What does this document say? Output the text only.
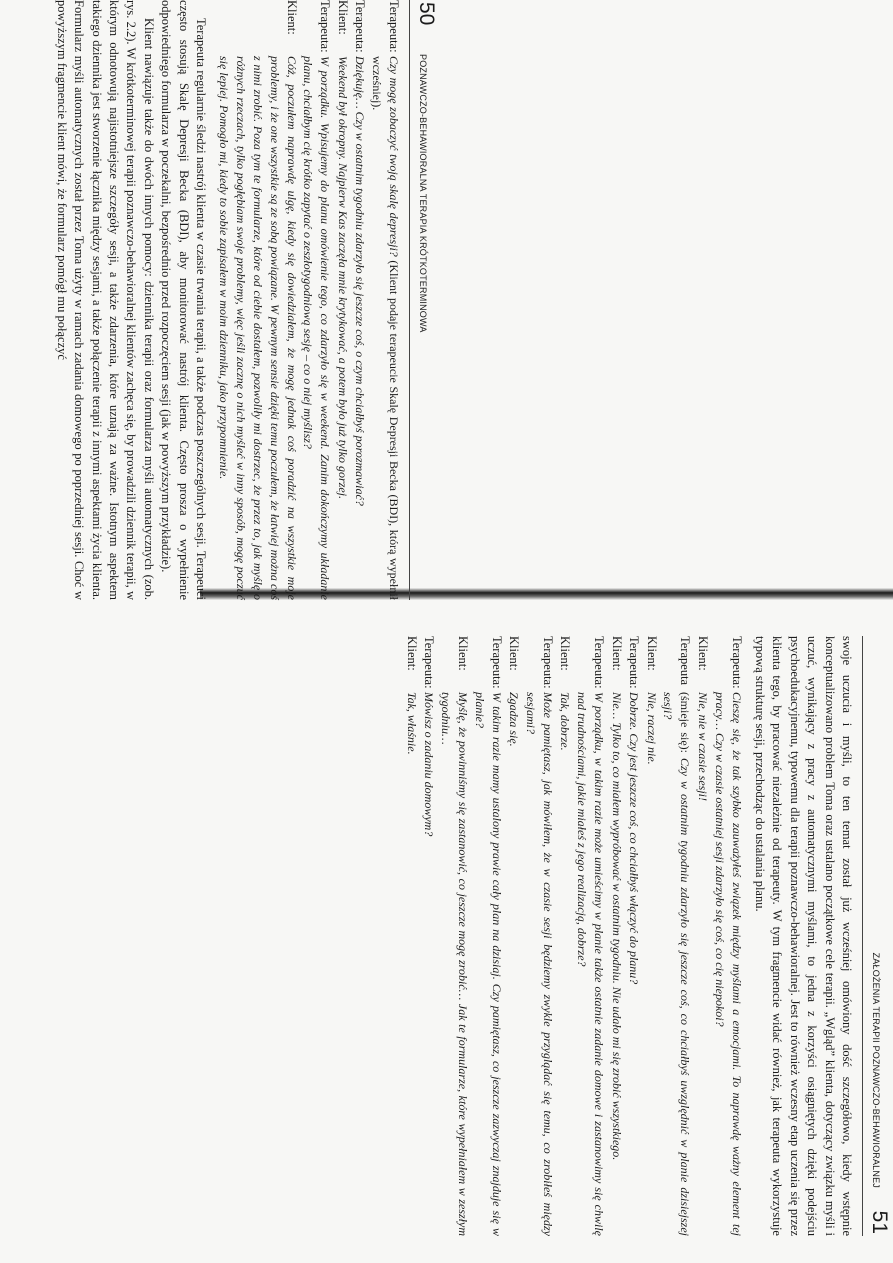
50
POZNAWCZO-BEHAWIORALNA TERAPIA KRÓTKOTERMINOWA
Terapeuta:
Czy mogę zobaczyć twoją skalę depresji? (Klient podaje terapeucie Skalę Depresji Becka (BDI), którą wypełnił wcześniej).
Terapeuta:
Dziękuję… Czy w ostatnim tygodniu zdarzyło się jeszcze coś, o czym chciałbyś porozmawiać?
Klient:
Weekend był okropny. Najpierw Kas zaczęła mnie krytykować, a potem było już tylko gorzej.
Terapeuta:
W porządku. Wpisujemy do planu omówienie tego, co zdarzyło się w weekend. Zanim dokończymy układanie planu, chciałbym cię krótko zapytać o zeszłotygodniową sesję – co o niej myślisz?
Klient:
Cóż, poczułem naprawdę ulgę, kiedy się dowiedziałem, że mogę jednak coś poradzić na wszystkie moje problemy, i że one wszystkie są ze sobą powiązane. W pewnym sensie dzięki temu poczułem, że łatwiej można coś z nimi zrobić. Poza tym te formularze, które od ciebie dostałem, pozwoliły mi dostrzec, że przez to, jak myślę o różnych rzeczach, tylko pogłębiam swoje problemy, więc jeśli zacznę o nich myśleć w inny sposób, mogę poczuć się lepiej. Pomogło mi, kiedy to sobie zapisałem w moim dzienniku, jako przypomnienie.

Terapeuta regularnie śledzi nastrój klienta w czasie trwania terapii, a także podczas poszczególnych sesji. Terapeuci często stosują Skalę Depresji Becka (BDI), aby monitorować nastrój klienta. Często prosza o wypełnienie odpowiedniego formularza w poczekalni, bezpośrednio przed rozpoczęciem sesji (jak w powyższym przykładzie).

Klient nawiązuje także do dwóch innych pomocy: dziennika terapii oraz formularza myśli automatycznych (zob. rys. 2.2). W krótkoterminowej terapii poznawczo-behawioralnej klientów zachęca się, by prowadzili dziennik terapii, w którym odnotowują najistotniejsze szczegóły sesji, a także zdarzenia, które uznają za ważne. Istotnym aspektem takiego dziennika jest stworzenie łącznika między sesjami, a także połączenie terapii z innymi aspektami życia klienta. Formularz myśli automatycznych został przez Toma użyty w ramach zadania domowego po poprzedniej sesji. Choć w powyższym fragmencie klient mówi, że formularz pomógł mu połączyć

ZAŁOŻENIA TERAPII POZNAWCZO-BEHAWIORALNEJ
51

swoje uczucia i myśli, to ten temat został już wcześniej omówiony dość szczegółowo, kiedy wstępnie konceptualizowano problem Toma oraz ustalano początkowe cele terapii. „Wgląd” klienta, dotyczący związku myśli i uczuć, wynikający z pracy z automatycznymi myślami, to jedna z korzyści osiągniętych dzięki podejściu psychoedukacyjnemu, typowemu dla terapii poznawczo-behawioralnej. Jest to również wczesny etap uczenia się przez klienta tego, by pracować niezależnie od terapeuty. W tym fragmencie widać również, jak terapeuta wykorzystuje typową strukturę sesji, przechodząc do ustalania planu.

Terapeuta:
Cieszę się, że tak szybko zauważyłeś związek między myślami a emocjami. To naprawdę ważny element tej pracy… Czy w czasie ostatniej sesji zdarzyło się coś, co cię niepokoi?
Klient:
Nie, nie w czasie sesji!
Terapeuta
(śmieje się): Czy w ostatnim tygodniu zdarzyło się jeszcze coś, co chciałbyś uwzględnić w planie dzisiejszej sesji?
Klient:
Nie, raczej nie.
Terapeuta:
Dobrze. Czy jest jeszcze coś, co chciałbyś włączyć do planu?
Klient:
Nie… Tylko to, co miałem wypróbować w ostatnim tygodniu. Nie udało mi się zrobić wszystkiego.
Terapeuta:
W porządku, w takim razie może umieścimy w planie także ostatnie zadanie domowe i zastanowimy się chwilę nad trudnościami, jakie miałeś z jego realizacją, dobrze?
Klient:
Tak, dobrze.
Terapeuta:
Może pamiętasz, jak mówiłem, że w czasie sesji będziemy zwykle przyglądać się temu, co zrobiłeś między sesjami?
Klient:
Zgadza się.
Terapeuta:
W takim razie mamy ustalony prawie cały plan na dzisiaj. Czy pamiętasz, co jeszcze zazwyczaj znajduje się w planie?
Klient:
Myślę, że powinniśmy się zastanowić, co jeszcze mogę zrobić… Jak te formularze, które wypełniałem w zeszłym tygodniu…
Terapeuta:
Mówisz o zadaniu domowym?
Klient:
Tak, właśnie.
